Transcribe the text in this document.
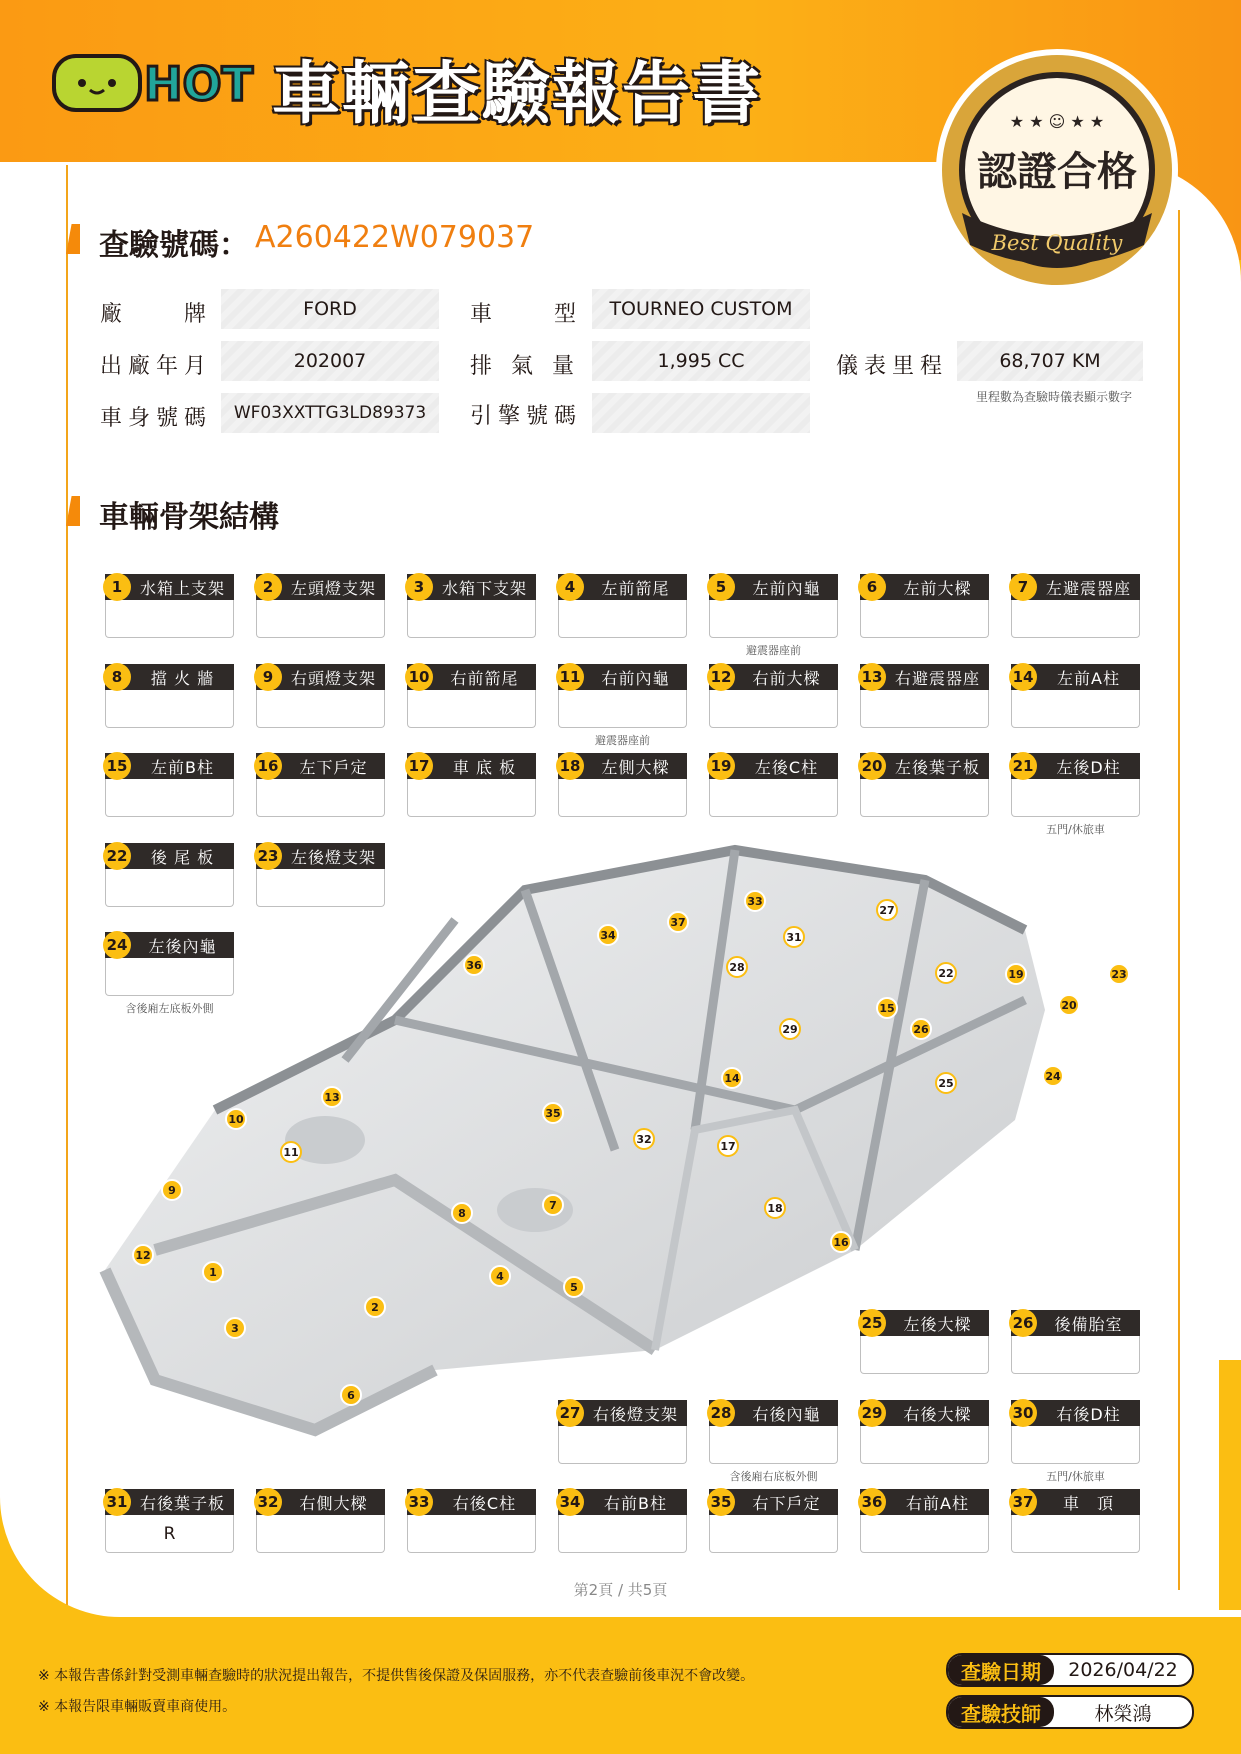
HOT 車輛查驗報告書
認證合格
Best Quality
★ ★ ☺ ★ ★
查驗號碼： A260422W079037
廠　　牌	FORD	車　　型	TOURNEO CUSTOM
出廠年月	202007	排 氣 量	1,995 CC	儀表里程	68,707 KM
里程數為查驗時儀表顯示數字
車身號碼	WF03XXTTG3LD89373	引擎號碼
車輛骨架結構
1
2
3
4
5
6
7
8
9
10
11
12
13
14
15
16
17
18
19
20
22	23
24
25
26
27
28
29
31
32
33
34
35
36
37
水箱上支架
1	左頭燈支架
2	水箱下支架
3	左前箭尾
4	左前內龜
5
避震器座前
左前大樑
6	左避震器座
7
擋 火 牆
8	右頭燈支架
9	右前箭尾
10	右前內龜
11
避震器座前
右前大樑
12	右避震器座
13	左前A柱
14
左前B柱
15	左下戶定
16	車 底 板
17	左側大樑
18	左後C柱
19	左後葉子板
20	左後D柱
21
五門/休旅車
後 尾 板
22	左後燈支架
23
左後內龜
24
含後廂左底板外側
左後大樑
25	後備胎室
26
右後燈支架
27	右後內龜
28
含後廂右底板外側
右後大樑
29	右後D柱
30
五門/休旅車
右後葉子板
31
R
右側大樑
32	右後C柱
33	右前B柱
34	右下戶定
35	右前A柱
36	車　頂
37
第2頁 / 共5頁
※ 本報告書係針對受測車輛查驗時的狀況提出報告，不提供售後保證及保固服務，亦不代表查驗前後車況不會改變。
※ 本報告限車輛販賣車商使用。
查驗日期	2026/04/22
查驗技師	林榮鴻
